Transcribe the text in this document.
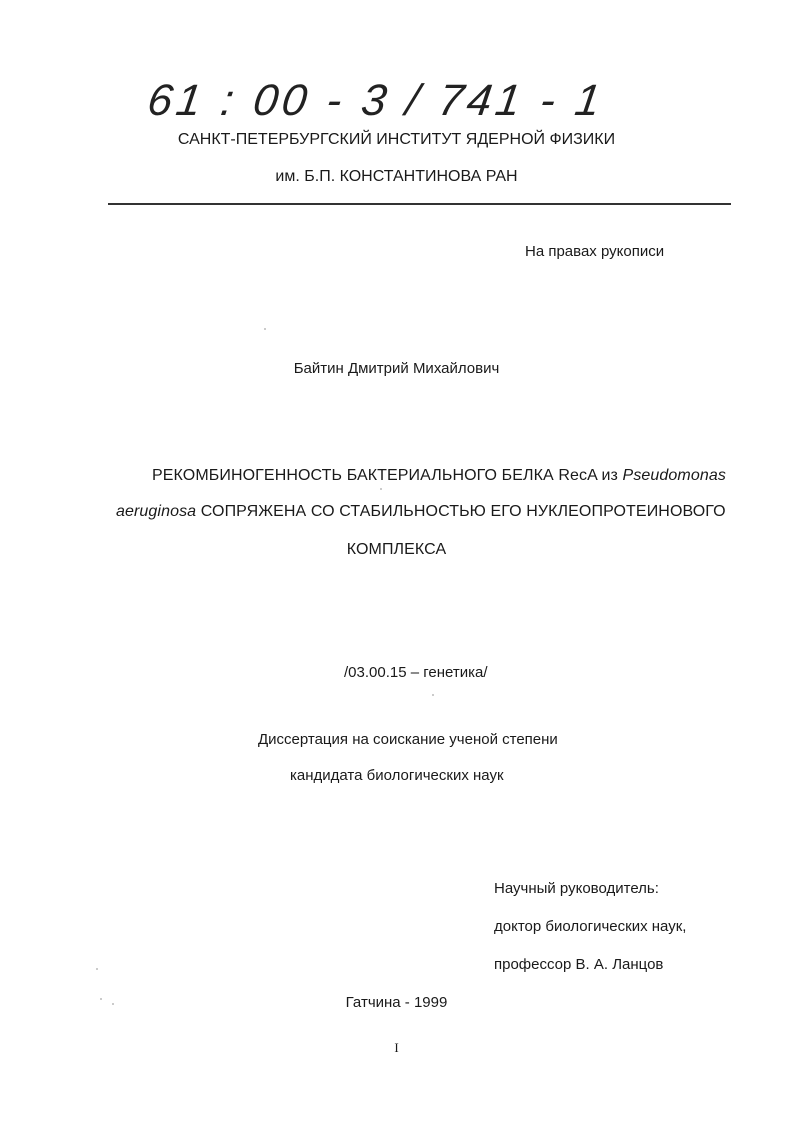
61 : 00 - 3 / 741 - 1
САНКТ-ПЕТЕРБУРГСКИЙ ИНСТИТУТ ЯДЕРНОЙ ФИЗИКИ
им. Б.П. КОНСТАНТИНОВА РАН
На правах рукописи
Байтин Дмитрий Михайлович
РЕКОМБИНОГЕННОСТЬ БАКТЕРИАЛЬНОГО БЕЛКА RecA из Pseudomonas
aeruginosa СОПРЯЖЕНА СО СТАБИЛЬНОСТЬЮ ЕГО НУКЛЕОПРОТЕИНОВОГО
КОМПЛЕКСА
/03.00.15 – генетика/
Диссертация на соискание ученой степени
кандидата биологических наук
Научный руководитель:
доктор биологических наук,
профессор В. А. Ланцов
Гатчина - 1999
I
